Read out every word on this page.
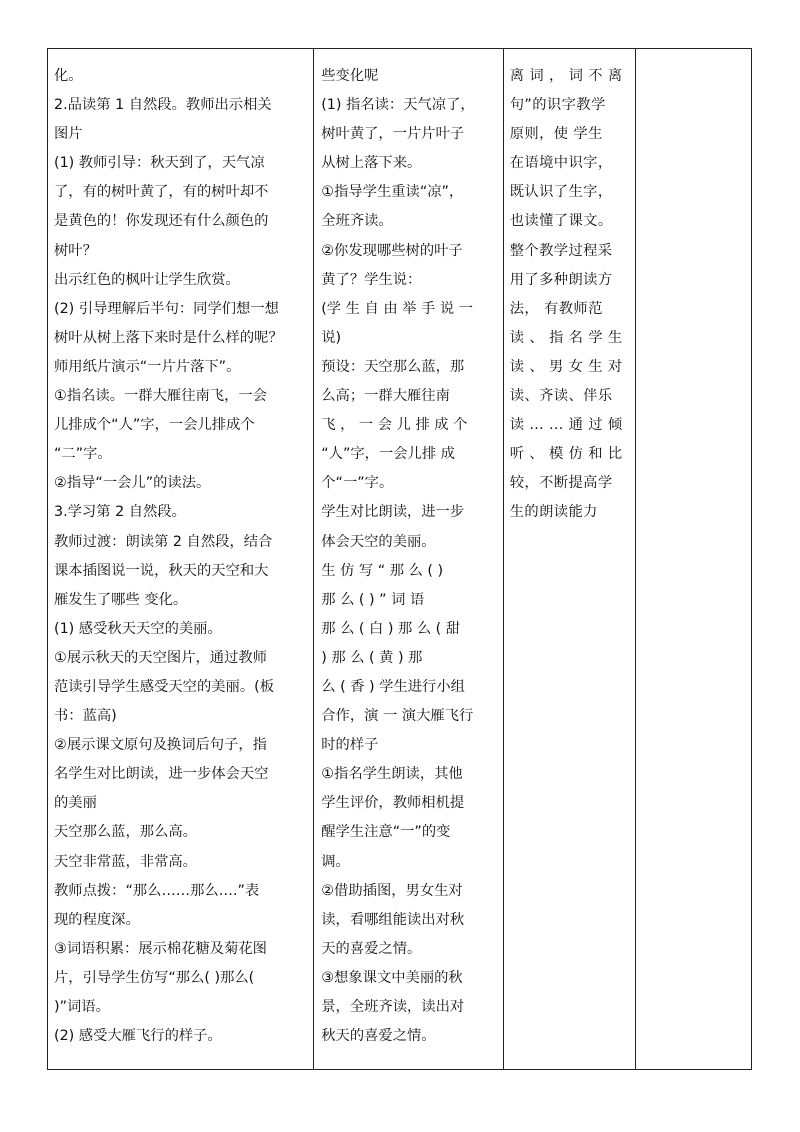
化。
2.品读第 1 自然段。教师出示相关
图片
(1) 教师引导：秋天到了，天气凉
了，有的树叶黄了，有的树叶却不
是黄色的！你发现还有什么颜色的
树叶？
出示红色的枫叶让学生欣赏。
(2) 引导理解后半句：同学们想一想
树叶从树上落下来时是什么样的呢？
师用纸片演示“一片片落下”。
①指名读。一群大雁往南飞，一会
儿排成个“人”字，一会儿排成个
“二”字。
②指导“一会儿”的读法。
3.学习第 2 自然段。
教师过渡：朗读第 2 自然段，结合
课本插图说一说，秋天的天空和大
雁发生了哪些 变化。
(1) 感受秋天天空的美丽。
①展示秋天的天空图片，通过教师
范读引导学生感受天空的美丽。(板
书：蓝高)
②展示课文原句及换词后句子，指
名学生对比朗读，进一步体会天空
的美丽
天空那么蓝，那么高。
天空非常蓝，非常高。
教师点拨：“那么……那么….”表
现的程度深。
③词语积累：展示棉花糖及菊花图
片，引导学生仿写“那么( )那么(
)”词语。
(2) 感受大雁飞行的样子。
些变化呢
(1) 指名读：天气凉了，
树叶黄了，一片片叶子
从树上落下来。
①指导学生重读“凉”，
全班齐读。
②你发现哪些树的叶子
黄了？学生说：
(学 生 自 由 举 手 说 一
说)
预设：天空那么蓝，那
么高；一群大雁往南
飞 ， 一 会 儿 排 成 个
“人”字，一会儿排 成
个“一”字。
学生对比朗读，进一步
体会天空的美丽。
生 仿 写 “ 那 么 ( )
那 么 ( ) ” 词 语
那 么 ( 白 ) 那 么 ( 甜
) 那 么 ( 黄 ) 那
么 ( 香 ) 学生进行小组
合作，演 一 演大雁飞行
时的样子
①指名学生朗读，其他
学生评价，教师相机提
醒学生注意“一”的变
调。
②借助插图，男女生对
读，看哪组能读出对秋
天的喜爱之情。
③想象课文中美丽的秋
景，全班齐读，读出对
秋天的喜爱之情。
离 词 ， 词 不 离
句”的识字教学
原则，使 学生
在语境中识字，
既认识了生字，
也读懂了课文。
整个教学过程采
用了多种朗读方
法， 有教师范
读 、 指 名 学 生
读 、 男 女 生 对
读、齐读、伴乐
读 … … 通 过 倾
听 、 模 仿 和 比
较，不断提高学
生的朗读能力
